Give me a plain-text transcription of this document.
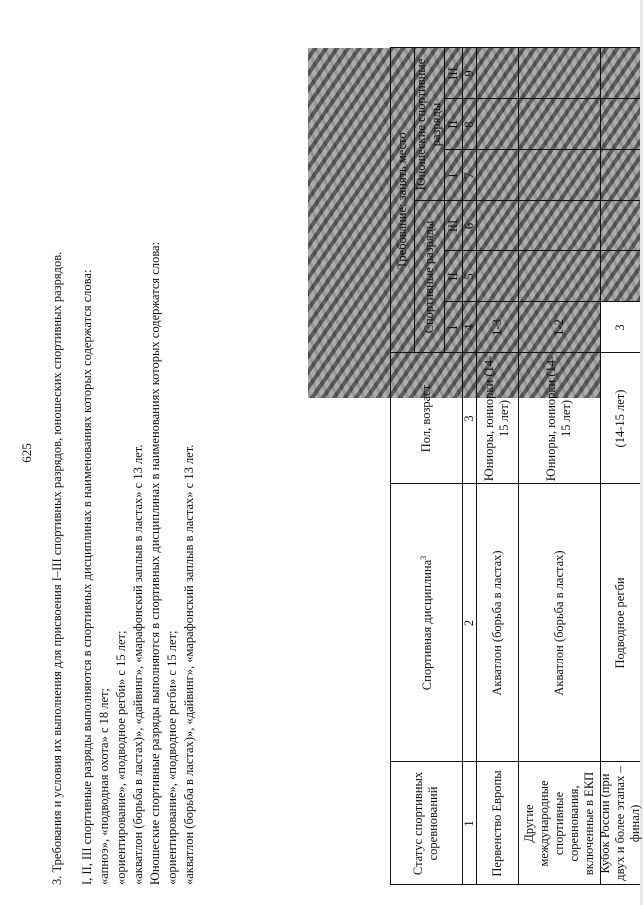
625 3. Требования и условия их выполнения для присвоения I–III спортивных разрядов, юношеских спортивных разрядов. I, II, III спортивные разряды выполняются в спортивных дисциплинах в наименованиях которых содержатся слова: «апноэ», «подводная охота» с 18 лет; «ориентирование», «подводное регби» с 15 лет; «акватлон (борьба в ластах)», «дайвинг», «марафонский заплыв в ластах» с 13 лет. Юношеские спортивные разряды выполняются в спортивных дисциплинах в наименованиях которых содержатся слова: «ориентирование», «подводное регби» с 15 лет; «акватлон (борьба в ластах)», «дайвинг», «марафонский заплыв в ластах» с 13 лет.	Статус спортивных соревнований
Спортивная дисциплина$^3$
Пол, возраст
Требование: занять место
Спортивные разряды
Юношеские спортивные разряды
I
II
III
I
II
III
1
2
3
4
5
6
7
8
9
Первенство Европы
Акватлон (борьба в ластах)
Юниоры, юниорки (14-15 лет)
1-3
Другие международные спортивные соревнования, включенные в ЕКП
Акватлон (борьба в ластах)
Юниоры, юниорки (14-15 лет)
1-2
Кубок России (при двух и более этапах – финал)
Подводное регби
(14-15 лет)
3
